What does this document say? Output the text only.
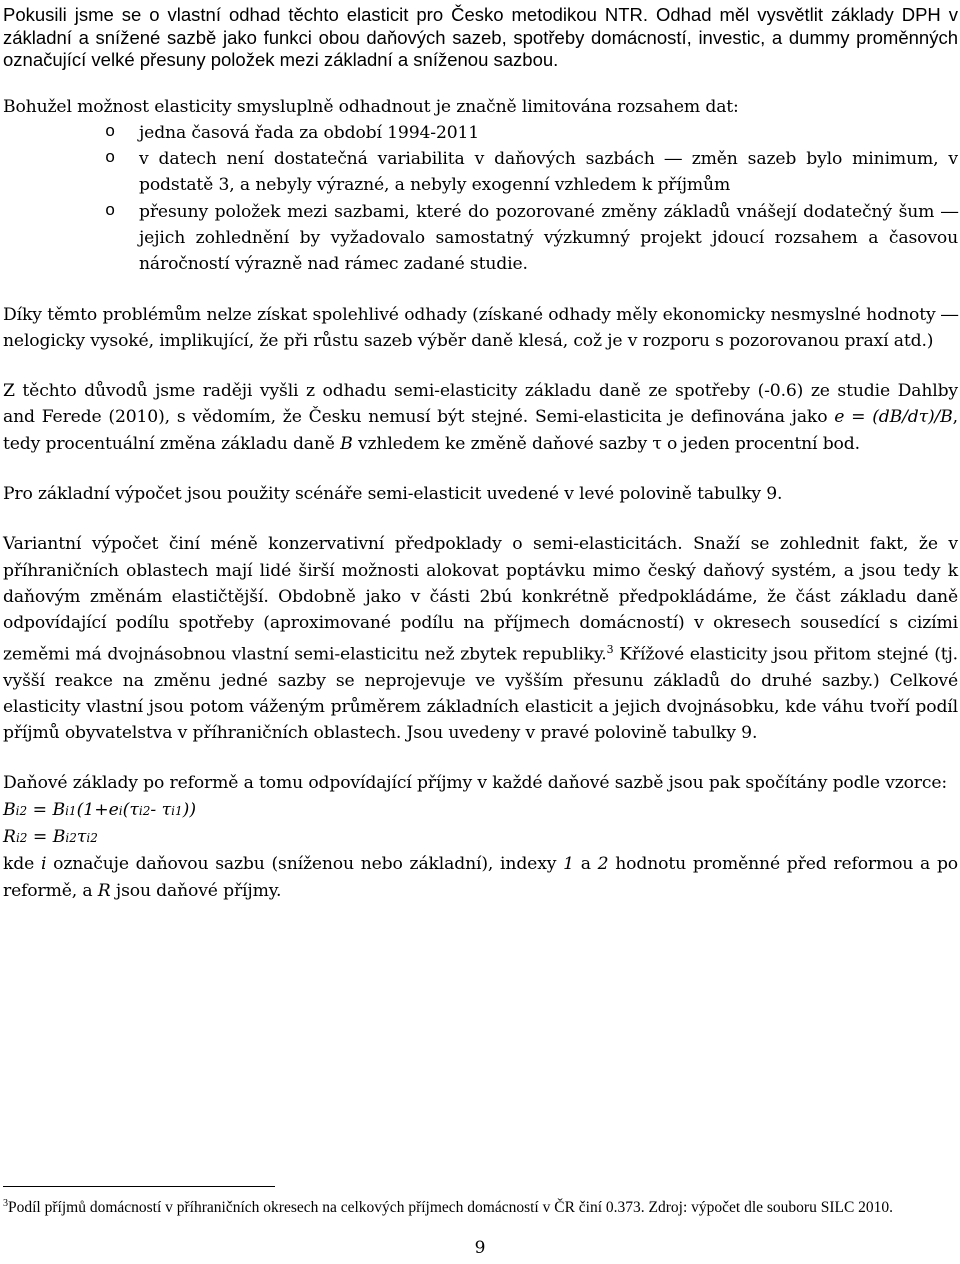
Pokusili jsme se o vlastní odhad těchto elasticit pro Česko metodikou NTR. Odhad měl vysvětlit základy DPH v základní a snížené sazbě jako funkci obou daňových sazeb, spotřeby domácností, investic, a dummy proměnných označující velké přesuny položek mezi základní a sníženou sazbou.

Bohužel možnost elasticity smysluplně odhadnout je značně limitována rozsahem dat:

o jedna časová řada za období 1994-2011
o v datech není dostatečná variabilita v daňových sazbách ― změn sazeb bylo minimum, v podstatě 3, a nebyly výrazné, a nebyly exogenní vzhledem k příjmům
o přesuny položek mezi sazbami, které do pozorované změny základů vnášejí dodatečný šum ― jejich zohlednění by vyžadovalo samostatný výzkumný projekt jdoucí rozsahem a časovou náročností výrazně nad rámec zadané studie.

Díky těmto problémům nelze získat spolehlivé odhady (získané odhady měly ekonomicky nesmyslné hodnoty ― nelogicky vysoké, implikující, že při růstu sazeb výběr daně klesá, což je v rozporu s pozorovanou praxí atd.)

Z těchto důvodů jsme raději vyšli z odhadu semi-elasticity základu daně ze spotřeby (-0.6) ze studie Dahlby and Ferede (2010), s vědomím, že Česku nemusí být stejné. Semi-elasticita je definována jako e = (dB/dτ)/B, tedy procentuální změna základu daně B vzhledem ke změně daňové sazby τ o jeden procentní bod.

Pro základní výpočet jsou použity scénáře semi-elasticit uvedené v levé polovině tabulky 9.

Variantní výpočet činí méně konzervativní předpoklady o semi-elasticitách. Snaží se zohlednit fakt, že v příhraničních oblastech mají lidé širší možnosti alokovat poptávku mimo český daňový systém, a jsou tedy k daňovým změnám elastičtější. Obdobně jako v části 2bú konkrétně předpokládáme, že část základu daně odpovídající podílu spotřeby (aproximované podílu na příjmech domácností) v okresech sousedící s cizími zeměmi má dvojnásobnou vlastní semi-elasticitu než zbytek republiky.$^3$ Křížové elasticity jsou přitom stejné (tj. vyšší reakce na změnu jedné sazby se neprojevuje ve vyšším přesunu základů do druhé sazby.) Celkové elasticity vlastní jsou potom váženým průměrem základních elasticit a jejich dvojnásobku, kde váhu tvoří podíl příjmů obyvatelstva v příhraničních oblastech. Jsou uvedeny v pravé polovině tabulky 9.

Daňové základy po reformě a tomu odpovídající příjmy v každé daňové sazbě jsou pak spočítány podle vzorce:

Bi2 = Bi1(1+ei(τi2- τi1))

Ri2 = Bi2τi2

kde i označuje daňovou sazbu (sníženou nebo základní), indexy 1 a 2 hodnotu proměnné před reformou a po reformě, a R jsou daňové příjmy.

$^3$Podíl příjmů domácností v příhraničních okresech na celkových příjmech domácností v ČR činí 0.373. Zdroj: výpočet dle souboru SILC 2010.

9
